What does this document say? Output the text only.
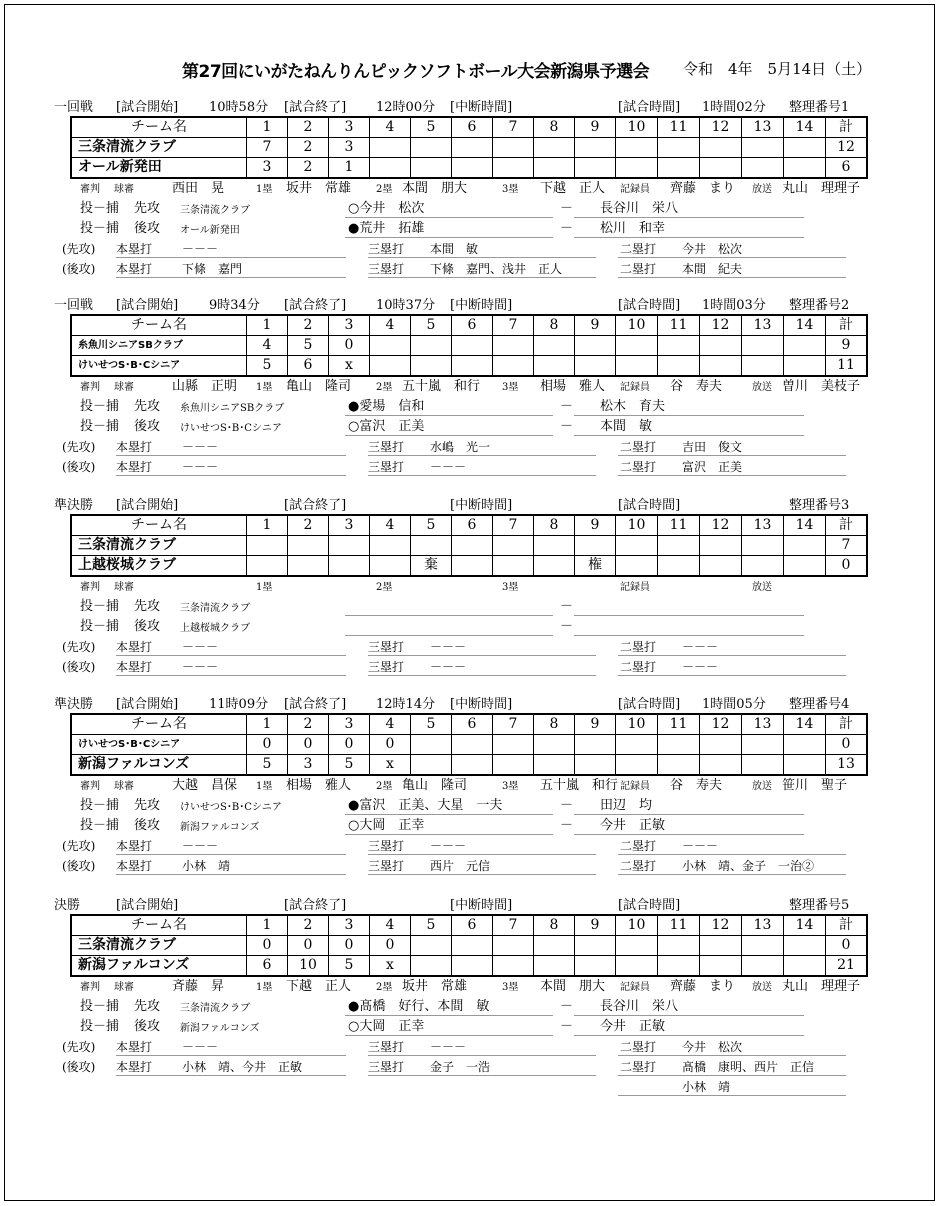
第27回にいがたねんりんピックソフトボール大会新潟県予選会 令和　4年　5月14日（土）
一回戦 [試合開始] 10時58分 [試合終了] 12時00分 [中断時間]	[試合時間] 1時間02分 整理番号1
チーム名	1	2	3	4	5	6	7	8	9	10	11	12	13	14	計
三条清流クラブ	7	2	3												12
オール新発田	3	2	1												6
審判 球審	西田　晃	1塁 坂井　常雄 2塁 本間　朋大	3塁 下越　正人 記録員 齊藤　まり 放送 丸山　理理子
投－捕 先攻 三条清流クラブ	○今井　松次	－ 長谷川　栄八
投－捕 後攻 オール新発田	●荒井　拓雄	－ 松川　和幸
(先攻) 本塁打 －－－	三塁打 本間　敏	二塁打 今井　松次
(後攻) 本塁打 下條　嘉門	三塁打 下條　嘉門、浅井　正人	二塁打 本間　紀夫
一回戦 [試合開始] 9時34分 [試合終了] 10時37分 [中断時間]	[試合時間] 1時間03分 整理番号2
チーム名	1	2	3	4	5	6	7	8	9	10	11	12	13	14	計
糸魚川シニアSBクラブ	4	5	0												9
けいせつS･B･Cシニア	5	6	x												11
審判 球審	山縣　正明 1塁 亀山　隆司 2塁 五十嵐　和行 3塁 相場　雅人 記録員 谷　寿夫	放送 曽川　美枝子
投－捕 先攻 糸魚川シニアSBクラブ	●愛場　信和	－ 松木　育夫
投－捕 後攻 けいせつS･B･Cシニア	○富沢　正美	－ 本間　敏
(先攻) 本塁打 －－－	三塁打 水嶋　光一	二塁打 吉田　俊文
(後攻) 本塁打 －－－	三塁打 －－－	二塁打 富沢　正美
準決勝 [試合開始]	[試合終了]	[中断時間]	[試合時間]	整理番号3
チーム名	1	2	3	4	5	6	7	8	9	10	11	12	13	14	計
三条清流クラブ															7
上越桜城クラブ					棄				権						0
審判 球審	1塁	2塁	3塁	記録員	放送
投－捕 先攻 三条清流クラブ	－
投－捕 後攻 上越桜城クラブ	－
(先攻) 本塁打 －－－	三塁打 －－－	二塁打 －－－
(後攻) 本塁打 －－－	三塁打 －－－	二塁打 －－－
準決勝 [試合開始] 11時09分 [試合終了] 12時14分 [中断時間]	[試合時間] 1時間05分 整理番号4
チーム名	1	2	3	4	5	6	7	8	9	10	11	12	13	14	計
けいせつS･B･Cシニア	0	0	0	0											0
新潟ファルコンズ	5	3	5	x											13
審判 球審	大越　昌保 1塁 相場　雅人 2塁 亀山　隆司	3塁 五十嵐　和行 記録員 谷　寿夫	放送 笹川　聖子
投－捕 先攻 けいせつS･B･Cシニア	●富沢　正美、大星　一夫	－ 田辺　均
投－捕 後攻 新潟ファルコンズ	○大岡　正幸	－ 今井　正敏
(先攻) 本塁打 －－－	三塁打 －－－	二塁打 －－－
(後攻) 本塁打 小林　靖	三塁打 西片　元信	二塁打 小林　靖、金子　一治②
決勝	[試合開始]	[試合終了]	[中断時間]	[試合時間]	整理番号5
チーム名	1	2	3	4	5	6	7	8	9	10	11	12	13	14	計
三条清流クラブ	0	0	0	0											0
新潟ファルコンズ	6	10	5	x											21
審判 球審	斉藤　昇	1塁 下越　正人 2塁 坂井　常雄	3塁 本間　朋大 記録員 齊藤　まり 放送 丸山　理理子
投－捕 先攻 三条清流クラブ	●髙橋　好行、本間　敏	－ 長谷川　栄八
投－捕 後攻 新潟ファルコンズ	○大岡　正幸	－ 今井　正敏
(先攻) 本塁打 －－－	三塁打 －－－	二塁打 今井　松次
(後攻) 本塁打 小林　靖、今井　正敏	三塁打 金子　一浩	二塁打 髙橋　康明、西片　正信
小林　靖
